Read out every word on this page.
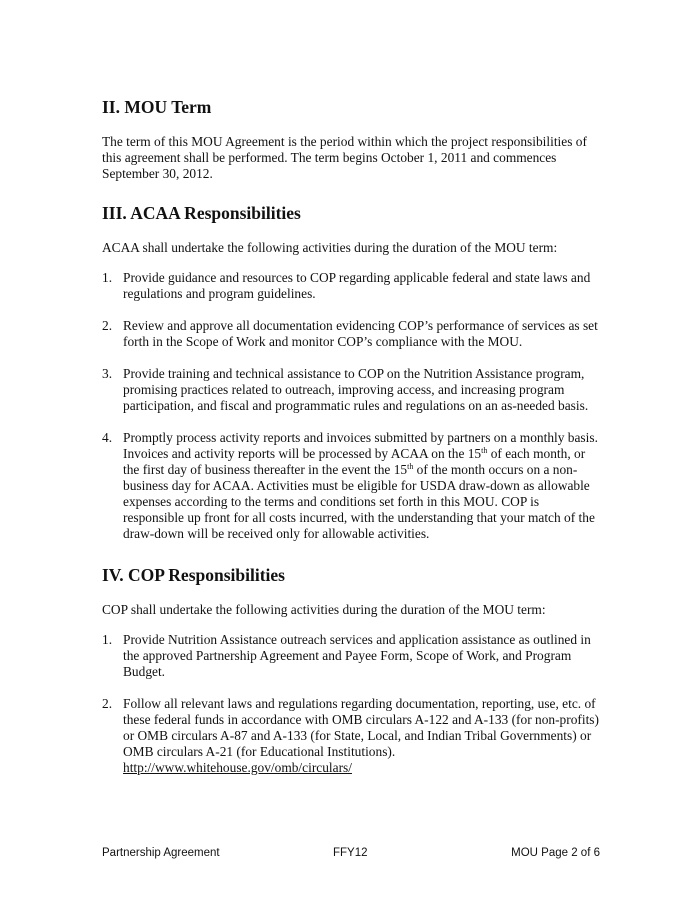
II. MOU Term

The term of this MOU Agreement is the period within which the project responsibilities of this agreement shall be performed. The term begins October 1, 2011 and commences September 30, 2012.

III. ACAA Responsibilities

ACAA shall undertake the following activities during the duration of the MOU term:

1. Provide guidance and resources to COP regarding applicable federal and state laws and regulations and program guidelines.
2. Review and approve all documentation evidencing COP’s performance of services as set forth in the Scope of Work and monitor COP’s compliance with the MOU.
3. Provide training and technical assistance to COP on the Nutrition Assistance program, promising practices related to outreach, improving access, and increasing program participation, and fiscal and programmatic rules and regulations on an as-needed basis.
4. Promptly process activity reports and invoices submitted by partners on a monthly basis. Invoices and activity reports will be processed by ACAA on the 15th of each month, or the first day of business thereafter in the event the 15th of the month occurs on a non-business day for ACAA. Activities must be eligible for USDA draw-down as allowable expenses according to the terms and conditions set forth in this MOU. COP is responsible up front for all costs incurred, with the understanding that your match of the draw-down will be received only for allowable activities.
IV. COP Responsibilities

COP shall undertake the following activities during the duration of the MOU term:

1. Provide Nutrition Assistance outreach services and application assistance as outlined in the approved Partnership Agreement and Payee Form, Scope of Work, and Program Budget.
2. Follow all relevant laws and regulations regarding documentation, reporting, use, etc. of these federal funds in accordance with OMB circulars A-122 and A-133 (for non-profits) or OMB circulars A-87 and A-133 (for State, Local, and Indian Tribal Governments) or OMB circulars A-21 (for Educational Institutions).
http://www.whitehouse.gov/omb/circulars/
Partnership Agreement	FFY12	MOU Page 2 of 6
